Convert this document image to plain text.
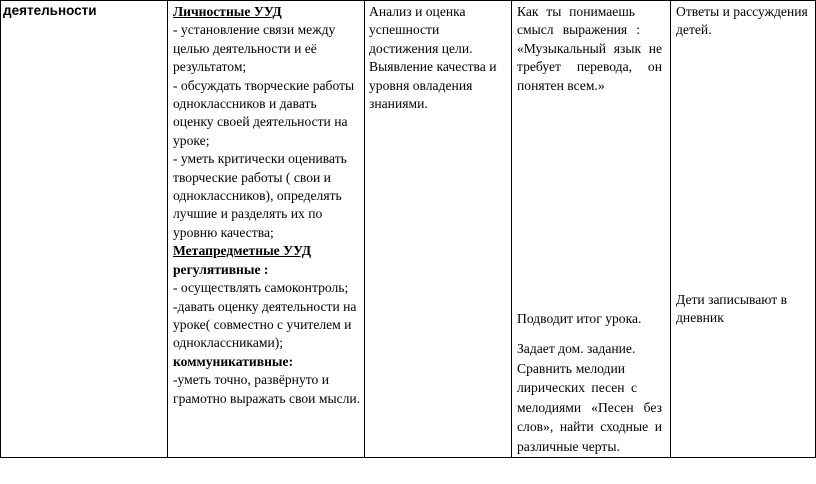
деятельности	Личностные УУД
- установление связи между
целью деятельности и её
результатом;
- обсуждать творческие работы
одноклассников и давать
оценку своей деятельности на
уроке;
- уметь критически оценивать
творческие работы ( свои и
одноклассников), определять
лучшие и разделять их по
уровню качества;
Метапредметные УУД
регулятивные :
- осуществлять самоконтроль;
-давать оценку деятельности на
уроке( совместно с учителем и
одноклассниками);
коммуникативные:
-уметь точно, развёрнуто и
грамотно выражать свои мысли.
Анализ и оценка
успешности
достижения цели.
Выявление качества и
уровня овладения
знаниями.
Как ты понимаешь
смысл выражения :
«Музыкальный язык не
требует перевода, он
понятен всем.»
Подводит итог урока.
Задает дом. задание.
Сравнить мелодии
лирических песен с
мелодиями «Песен без
слов», найти сходные и
различные черты.
Ответы и рассуждения
детей.
Дети записывают в
дневник
